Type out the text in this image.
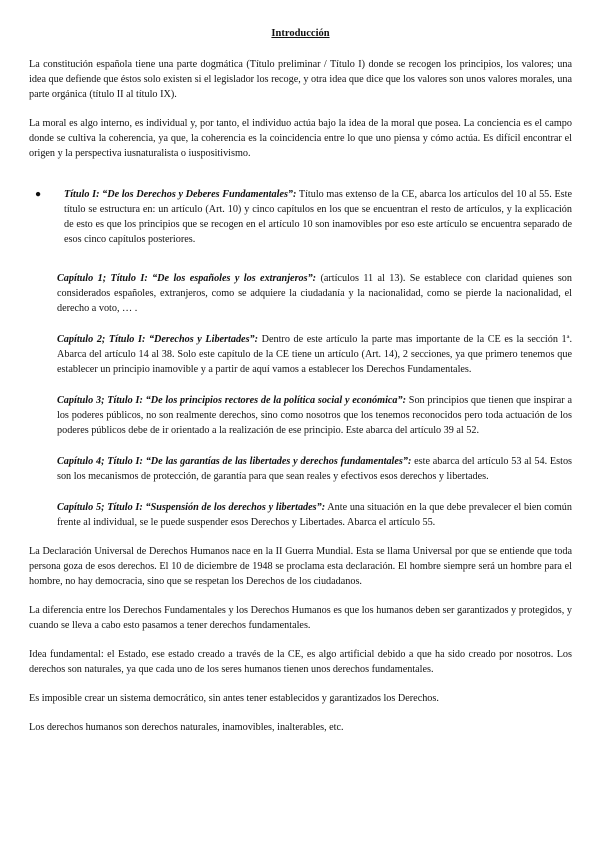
Introducción

La constitución española tiene una parte dogmática (Título preliminar / Título I) donde se recogen los principios, los valores; una idea que defiende que éstos solo existen si el legislador los recoge, y otra idea que dice que los valores son unos valores morales, una parte orgánica (título II al título IX).

La moral es algo interno, es individual y, por tanto, el individuo actúa bajo la idea de la moral que posea. La conciencia es el campo donde se cultiva la coherencia, ya que, la coherencia es la coincidencia entre lo que uno piensa y cómo actúa. Es difícil encontrar el origen y la perspectiva iusnaturalista o iuspositivismo.

● Título I: “De los Derechos y Deberes Fundamentales”: Título mas extenso de la CE, abarca los artículos del 10 al 55. Este título se estructura en: un artículo (Art. 10) y cinco capítulos en los que se encuentran el resto de artículos, y la explicación de esto es que los principios que se recogen en el artículo 10 son inamovibles por eso este artículo se encuentra separado de esos cinco capítulos posteriores.

Capítulo 1; Título I: “De los españoles y los extranjeros”: (artículos 11 al 13). Se establece con claridad quienes son considerados españoles, extranjeros, como se adquiere la ciudadanía y la nacionalidad, como se pierde la nacionalidad, el derecho a voto, … .

Capítulo 2; Título I: “Derechos y Libertades”: Dentro de este artículo la parte mas importante de la CE es la sección 1ª. Abarca del artículo 14 al 38. Solo este capítulo de la CE tiene un artículo (Art. 14), 2 secciones, ya que primero tenemos que establecer un principio inamovible y a partir de aquí vamos a establecer los Derechos Fundamentales.

Capítulo 3; Título I: “De los principios rectores de la política social y económica”: Son principios que tienen que inspirar a los poderes públicos, no son realmente derechos, sino como nosotros que los tenemos reconocidos pero toda actuación de los poderes públicos debe de ir orientado a la realización de ese principio. Este abarca del artículo 39 al 52.

Capítulo 4; Título I: “De las garantías de las libertades y derechos fundamentales”: este abarca del artículo 53 al 54. Estos son los mecanismos de protección, de garantía para que sean reales y efectivos esos derechos y libertades.

Capítulo 5; Título I: “Suspensión de los derechos y libertades”: Ante una situación en la que debe prevalecer el bien común frente al individual, se le puede suspender esos Derechos y Libertades. Abarca el artículo 55.

La Declaración Universal de Derechos Humanos nace en la II Guerra Mundial. Esta se llama Universal por que se entiende que toda persona goza de esos derechos. El 10 de diciembre de 1948 se proclama esta declaración. El hombre siempre será un hombre para el hombre, no hay democracia, sino que se respetan los Derechos de los ciudadanos.

La diferencia entre los Derechos Fundamentales y los Derechos Humanos es que los humanos deben ser garantizados y protegidos, y cuando se lleva a cabo esto pasamos a tener derechos fundamentales.

Idea fundamental: el Estado, ese estado creado a través de la CE, es algo artificial debido a que ha sido creado por nosotros. Los derechos son naturales, ya que cada uno de los seres humanos tienen unos derechos fundamentales.

Es imposible crear un sistema democrático, sin antes tener establecidos y garantizados los Derechos.

Los derechos humanos son derechos naturales, inamovibles, inalterables, etc.
